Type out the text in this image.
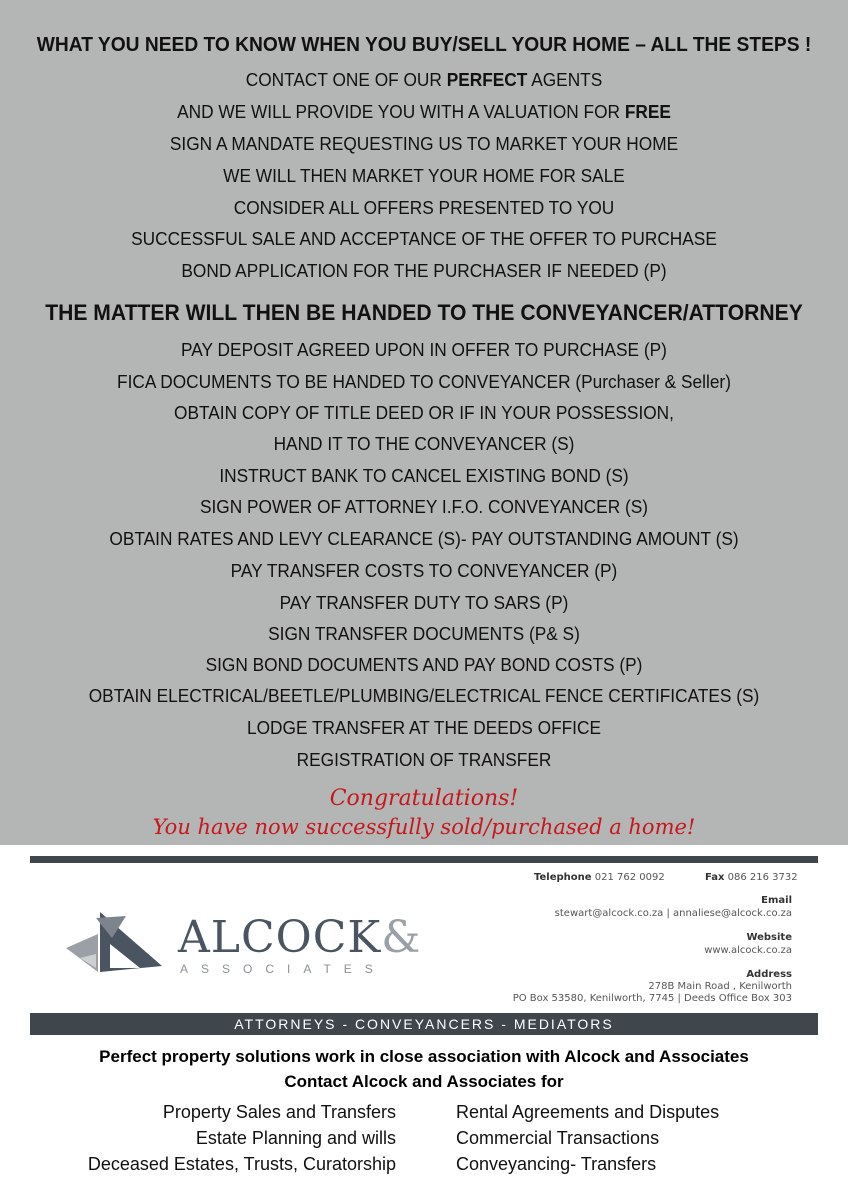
WHAT YOU NEED TO KNOW WHEN YOU BUY/SELL YOUR HOME – ALL THE STEPS !
CONTACT ONE OF OUR PERFECT AGENTS
AND WE WILL PROVIDE YOU WITH A VALUATION FOR FREE
SIGN A MANDATE REQUESTING US TO MARKET YOUR HOME
WE WILL THEN MARKET YOUR HOME FOR SALE
CONSIDER ALL OFFERS PRESENTED TO YOU
SUCCESSFUL SALE AND ACCEPTANCE OF THE OFFER TO PURCHASE
BOND APPLICATION FOR THE PURCHASER IF NEEDED (P)
THE MATTER WILL THEN BE HANDED TO THE CONVEYANCER/ATTORNEY
PAY DEPOSIT AGREED UPON IN OFFER TO PURCHASE (P)
FICA DOCUMENTS TO BE HANDED TO CONVEYANCER (Purchaser & Seller)
OBTAIN COPY OF TITLE DEED OR IF IN YOUR POSSESSION,
HAND IT TO THE CONVEYANCER (S)
INSTRUCT BANK TO CANCEL EXISTING BOND (S)
SIGN POWER OF ATTORNEY I.F.O. CONVEYANCER (S)
OBTAIN RATES AND LEVY CLEARANCE (S)- PAY OUTSTANDING AMOUNT (S)
PAY TRANSFER COSTS TO CONVEYANCER (P)
PAY TRANSFER DUTY TO SARS (P)
SIGN TRANSFER DOCUMENTS (P& S)
SIGN BOND DOCUMENTS AND PAY BOND COSTS (P)
OBTAIN ELECTRICAL/BEETLE/PLUMBING/ELECTRICAL FENCE CERTIFICATES (S)
LODGE TRANSFER AT THE DEEDS OFFICE
REGISTRATION OF TRANSFER
Congratulations!
You have now successfully sold/purchased a home!
Telephone 021 762 0092	Fax 086 216 3732
Email
stewart@alcock.co.za | annaliese@alcock.co.za
Website
www.alcock.co.za
Address
278B Main Road , Kenilworth
PO Box 53580, Kenilworth, 7745 | Deeds Office Box 303
ALCOCK&
ASSOCIATES
ATTORNEYS - CONVEYANCERS - MEDIATORS
Perfect property solutions work in close association with Alcock and Associates
Contact Alcock and Associates for
Property Sales and Transfers
Estate Planning and wills
Deceased Estates, Trusts, Curatorship
Rental Agreements and Disputes
Commercial Transactions
Conveyancing- Transfers
